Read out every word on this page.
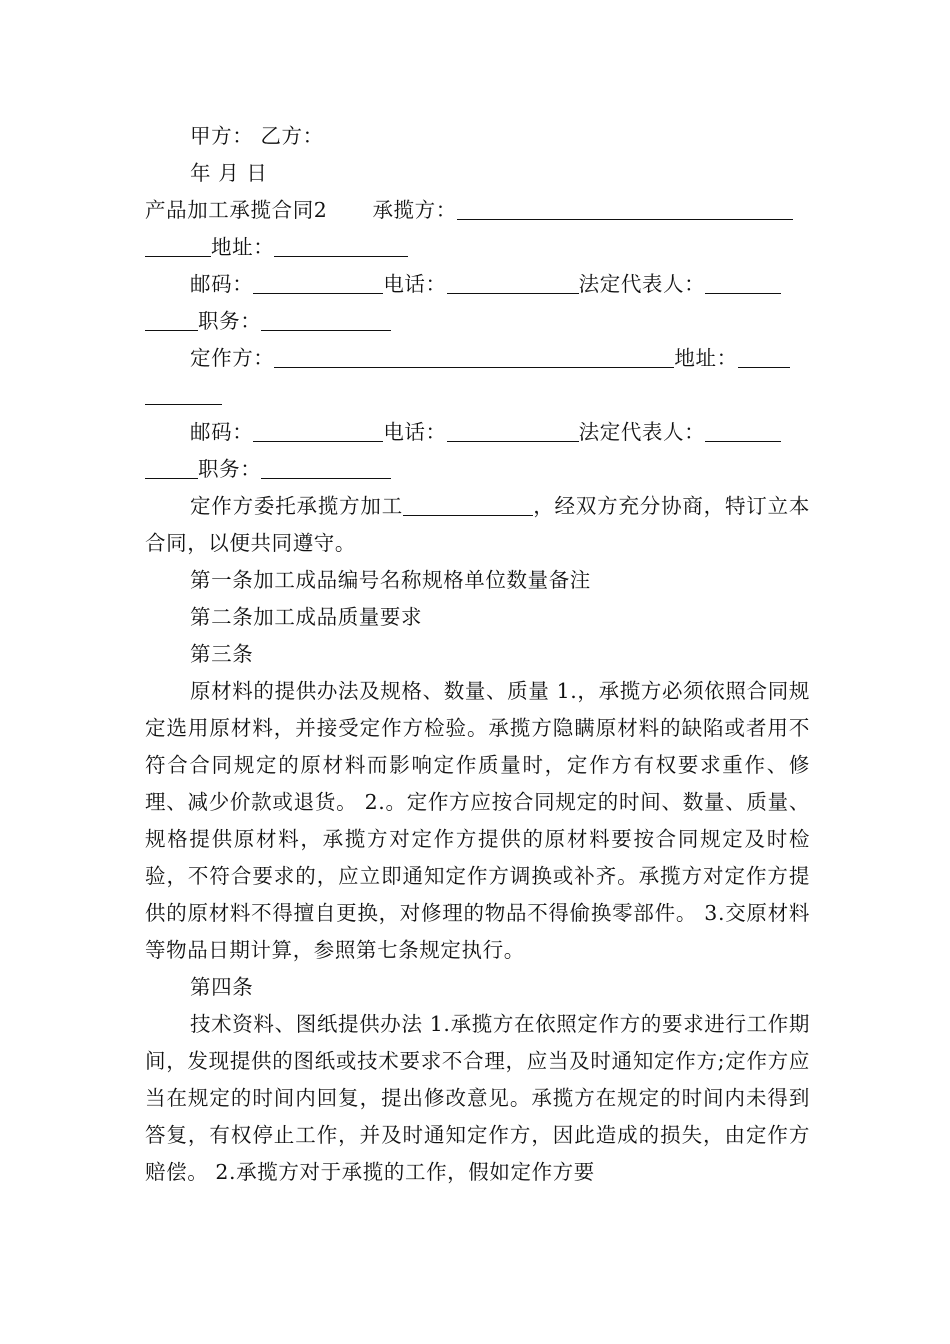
甲方： 乙方：

年 月 日

产品加工承揽合同2 承揽方：

地址：

邮码：	电话：	法定代表人：

职务：

定作方：	地址：

邮码：	电话：	法定代表人：

职务：

定作方委托承揽方加工	，经双方充分协商，特订立本合同，以便共同遵守。

第一条加工成品编号名称规格单位数量备注

第二条加工成品质量要求

第三条

原材料的提供办法及规格、数量、质量 1.，承揽方必须依照合同规定选用原材料，并接受定作方检验。承揽方隐瞒原材料的缺陷或者用不符合合同规定的原材料而影响定作质量时，定作方有权要求重作、修理、减少价款或退货。 2.。定作方应按合同规定的时间、数量、质量、规格提供原材料，承揽方对定作方提供的原材料要按合同规定及时检验，不符合要求的，应立即通知定作方调换或补齐。承揽方对定作方提供的原材料不得擅自更换，对修理的物品不得偷换零部件。 3.交原材料等物品日期计算，参照第七条规定执行。

第四条

技术资料、图纸提供办法 1.承揽方在依照定作方的要求进行工作期间，发现提供的图纸或技术要求不合理，应当及时通知定作方;定作方应当在规定的时间内回复，提出修改意见。承揽方在规定的时间内未得到答复，有权停止工作，并及时通知定作方，因此造成的损失，由定作方赔偿。 2.承揽方对于承揽的工作，假如定作方要
